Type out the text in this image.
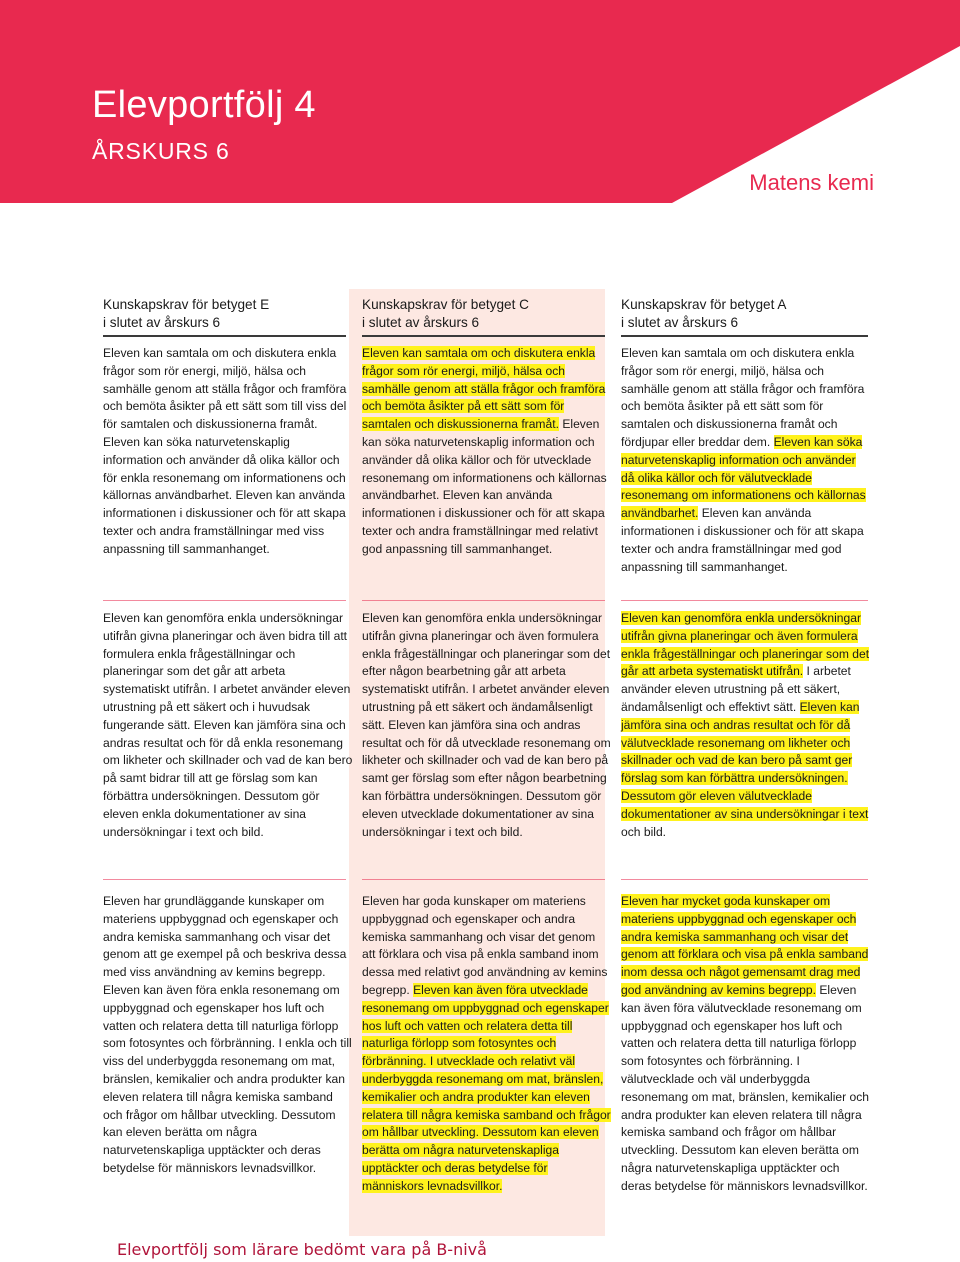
Elevportfölj 4
ÅRSKURS 6
Matens kemi
Kunskapskrav för betyget E
i slutet av årskurs 6
Kunskapskrav för betyget C
i slutet av årskurs 6
Kunskapskrav för betyget A
i slutet av årskurs 6
Eleven kan samtala om och diskutera enkla frågor som rör energi, miljö, hälsa och samhälle genom att ställa frågor och framföra och bemöta åsikter på ett sätt som till viss del för samtalen och diskussionerna framåt. Eleven kan söka naturvetenskaplig information och använder då olika källor och för enkla resonemang om informationens och källornas användbarhet. Eleven kan använda informationen i diskussioner och för att skapa texter och andra framställningar med viss anpassning till sammanhanget.
Eleven kan samtala om och diskutera enkla frågor som rör energi, miljö, hälsa och samhälle genom att ställa frågor och framföra och bemöta åsikter på ett sätt som för samtalen och diskussionerna framåt. Eleven kan söka naturvetenskaplig information och använder då olika källor och för utvecklade resonemang om informationens och källornas användbarhet. Eleven kan använda informationen i diskussioner och för att skapa texter och andra framställningar med relativt god anpassning till sammanhanget.
Eleven kan samtala om och diskutera enkla frågor som rör energi, miljö, hälsa och samhälle genom att ställa frågor och framföra och bemöta åsikter på ett sätt som för samtalen och diskussionerna framåt och fördjupar eller breddar dem. Eleven kan söka naturvetenskaplig information och använder då olika källor och för välutvecklade resonemang om informationens och källornas användbarhet. Eleven kan använda informationen i diskussioner och för att skapa texter och andra framställningar med god anpassning till sammanhanget.
Eleven kan genomföra enkla undersökningar utifrån givna planeringar och även bidra till att formulera enkla frågeställningar och planeringar som det går att arbeta systematiskt utifrån. I arbetet använder eleven utrustning på ett säkert och i huvudsak fungerande sätt. Eleven kan jämföra sina och andras resultat och för då enkla resonemang om likheter och skillnader och vad de kan bero på samt bidrar till att ge förslag som kan förbättra undersökningen. Dessutom gör eleven enkla dokumentationer av sina undersökningar i text och bild.
Eleven kan genomföra enkla undersökningar utifrån givna planeringar och även formulera enkla frågeställningar och planeringar som det efter någon bearbetning går att arbeta systematiskt utifrån. I arbetet använder eleven utrustning på ett säkert och ändamålsenligt sätt. Eleven kan jämföra sina och andras resultat och för då utvecklade resonemang om likheter och skillnader och vad de kan bero på samt ger förslag som efter någon bearbetning kan förbättra undersökningen. Dessutom gör eleven utvecklade dokumentationer av sina undersökningar i text och bild.
Eleven kan genomföra enkla undersökningar utifrån givna planeringar och även formulera enkla frågeställningar och planeringar som det går att arbeta systematiskt utifrån. I arbetet använder eleven utrustning på ett säkert, ändamålsenligt och effektivt sätt. Eleven kan jämföra sina och andras resultat och för då välutvecklade resonemang om likheter och skillnader och vad de kan bero på samt ger förslag som kan förbättra undersökningen. Dessutom gör eleven välutvecklade dokumentationer av sina undersökningar i text och bild.
Eleven har grundläggande kunskaper om materiens uppbyggnad och egenskaper och andra kemiska sammanhang och visar det genom att ge exempel på och beskriva dessa med viss användning av kemins begrepp. Eleven kan även föra enkla resonemang om uppbyggnad och egenskaper hos luft och vatten och relatera detta till naturliga förlopp som fotosyntes och förbränning. I enkla och till viss del underbyggda resonemang om mat, bränslen, kemikalier och andra produkter kan eleven relatera till några kemiska samband och frågor om hållbar utveckling. Dessutom kan eleven berätta om några naturvetenskapliga upptäckter och deras betydelse för människors levnadsvillkor.
Eleven har goda kunskaper om materiens uppbyggnad och egenskaper och andra kemiska sammanhang och visar det genom att förklara och visa på enkla samband inom dessa med relativt god användning av kemins begrepp. Eleven kan även föra utvecklade resonemang om uppbyggnad och egenskaper hos luft och vatten och relatera detta till naturliga förlopp som fotosyntes och förbränning. I utvecklade och relativt väl underbyggda resonemang om mat, bränslen, kemikalier och andra produkter kan eleven relatera till några kemiska samband och frågor om hållbar utveckling. Dessutom kan eleven berätta om några naturvetenskapliga upptäckter och deras betydelse för människors levnadsvillkor.
Eleven har mycket goda kunskaper om materiens uppbyggnad och egenskaper och andra kemiska sammanhang och visar det genom att förklara och visa på enkla samband inom dessa och något gemensamt drag med god användning av kemins begrepp. Eleven kan även föra välutvecklade resonemang om uppbyggnad och egenskaper hos luft och vatten och relatera detta till naturliga förlopp som fotosyntes och förbränning. I välutvecklade och väl underbyggda resonemang om mat, bränslen, kemikalier och andra produkter kan eleven relatera till några kemiska samband och frågor om hållbar utveckling. Dessutom kan eleven berätta om några naturvetenskapliga upptäckter och deras betydelse för människors levnadsvillkor.
Elevportfölj som lärare bedömt vara på B-nivå
